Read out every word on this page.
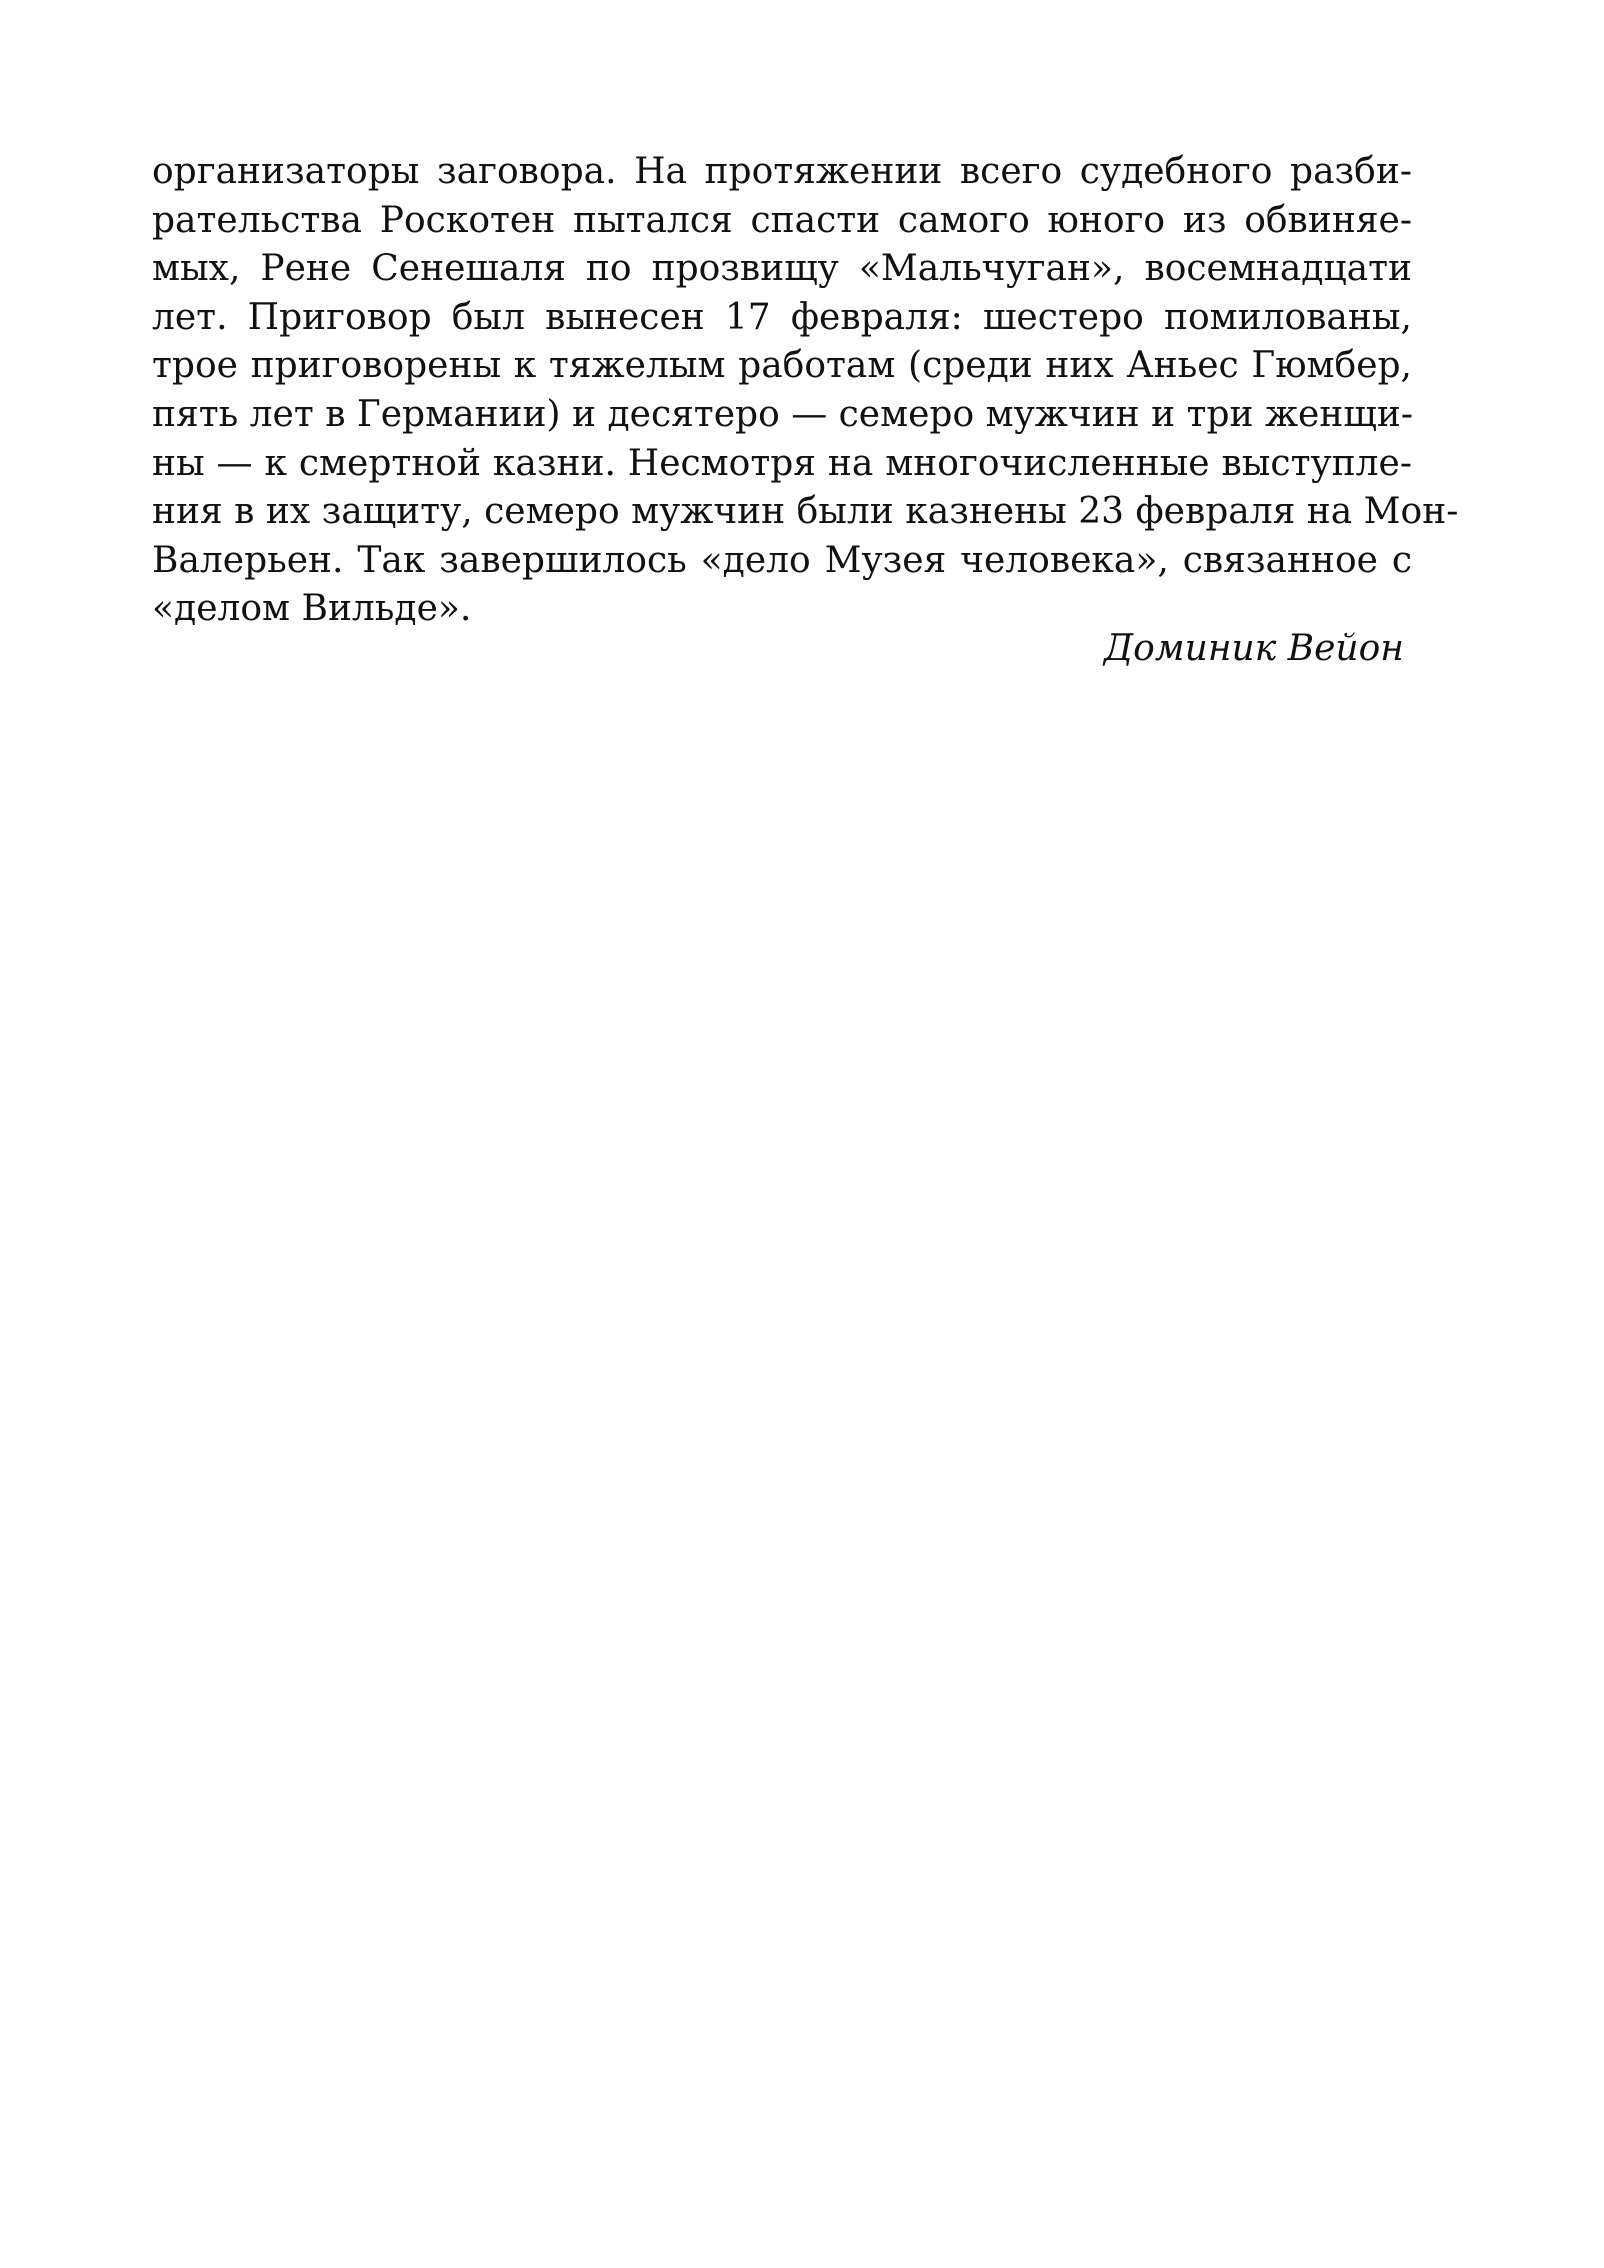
организаторы заговора. На протяжении всего судебного разби-
рательства Роскотен пытался спасти самого юного из обвиняе-
мых, Рене Сенешаля по прозвищу «Мальчуган», восемнадцати
лет. Приговор был вынесен 17 февраля: шестеро помилованы,
трое приговорены к тяжелым работам (среди них Аньес Гюмбер,
пять лет в Германии) и десятеро — семеро мужчин и три женщи-
ны — к смертной казни. Несмотря на многочисленные выступле-
ния в их защиту, семеро мужчин были казнены 23 февраля на Мон-
Валерьен. Так завершилось «дело Музея человека», связанное с
«делом Вильде».
Доминик Вейон
